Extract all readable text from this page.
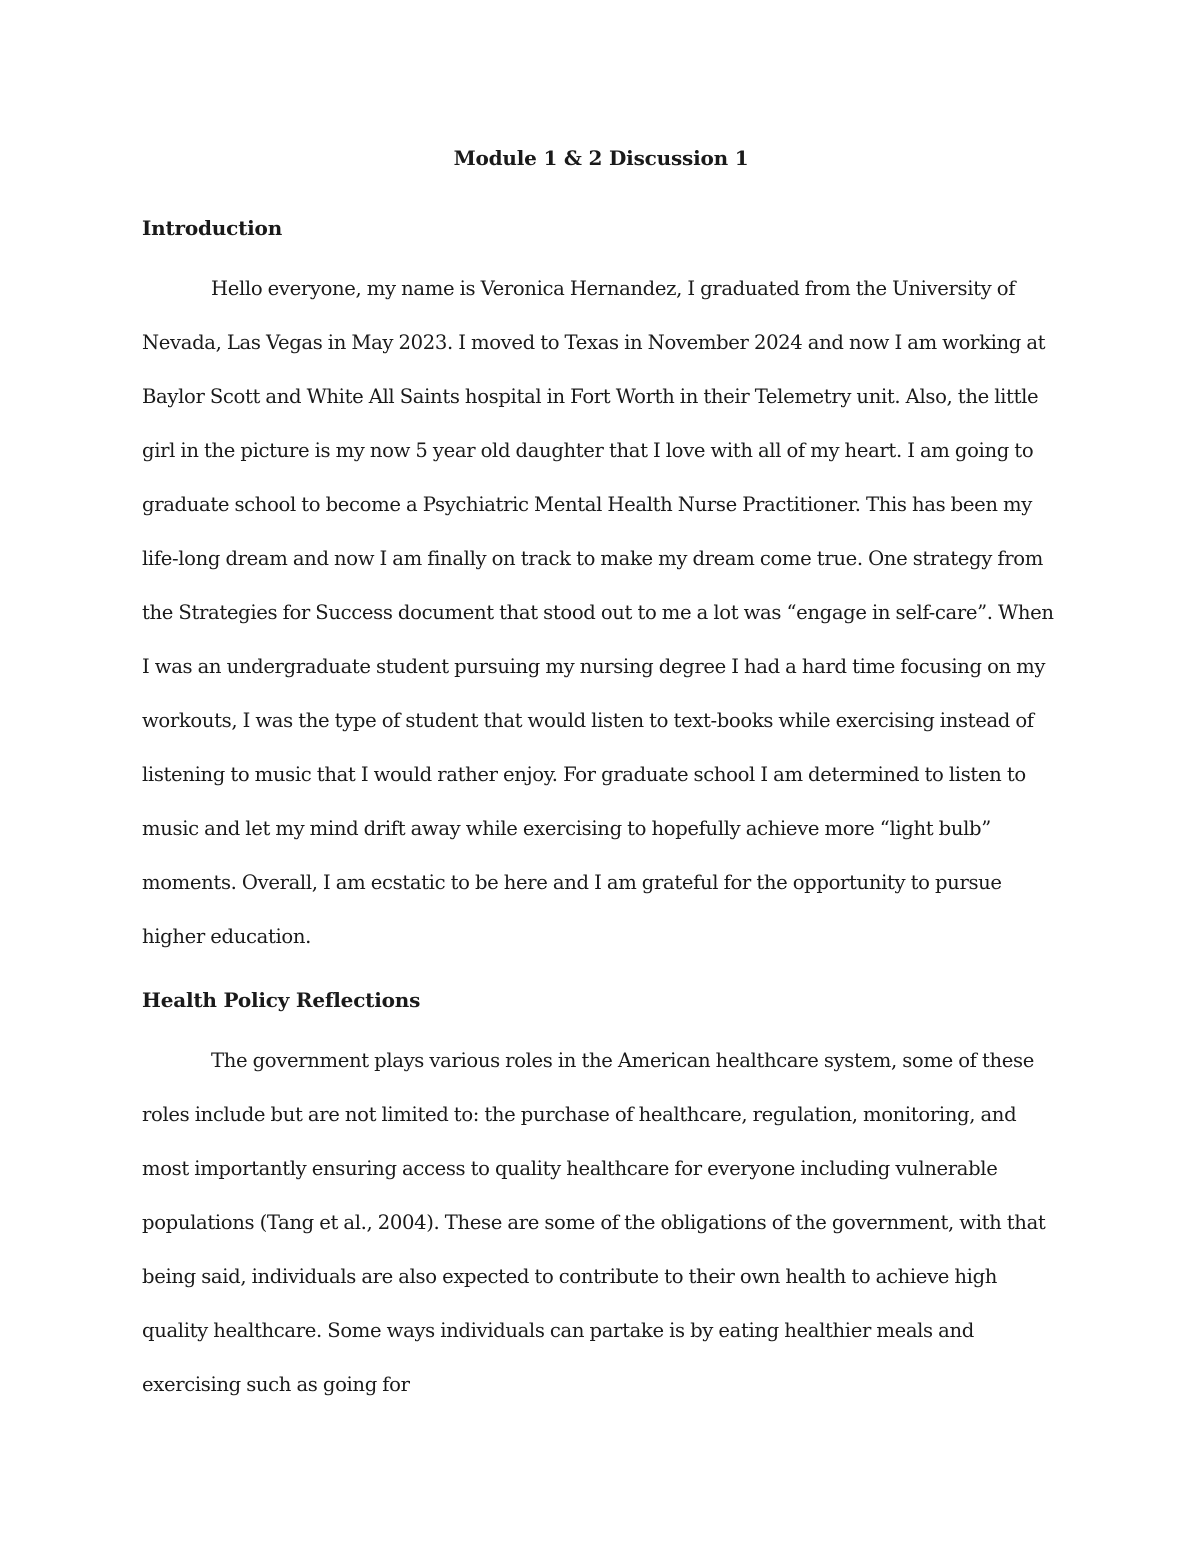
Module 1 & 2 Discussion 1
Introduction

Hello everyone, my name is Veronica Hernandez, I graduated from the University of Nevada, Las Vegas in May 2023. I moved to Texas in November 2024 and now I am working at Baylor Scott and White All Saints hospital in Fort Worth in their Telemetry unit. Also, the little girl in the picture is my now 5 year old daughter that I love with all of my heart. I am going to graduate school to become a Psychiatric Mental Health Nurse Practitioner. This has been my life-long dream and now I am finally on track to make my dream come true. One strategy from the Strategies for Success document that stood out to me a lot was “engage in self-care”. When I was an undergraduate student pursuing my nursing degree I had a hard time focusing on my workouts, I was the type of student that would listen to text-books while exercising instead of listening to music that I would rather enjoy. For graduate school I am determined to listen to music and let my mind drift away while exercising to hopefully achieve more “light bulb” moments. Overall, I am ecstatic to be here and I am grateful for the opportunity to pursue higher education.

Health Policy Reflections

The government plays various roles in the American healthcare system, some of these roles include but are not limited to: the purchase of healthcare, regulation, monitoring, and most importantly ensuring access to quality healthcare for everyone including vulnerable populations (Tang et al., 2004). These are some of the obligations of the government, with that being said, individuals are also expected to contribute to their own health to achieve high quality healthcare. Some ways individuals can partake is by eating healthier meals and exercising such as going for
